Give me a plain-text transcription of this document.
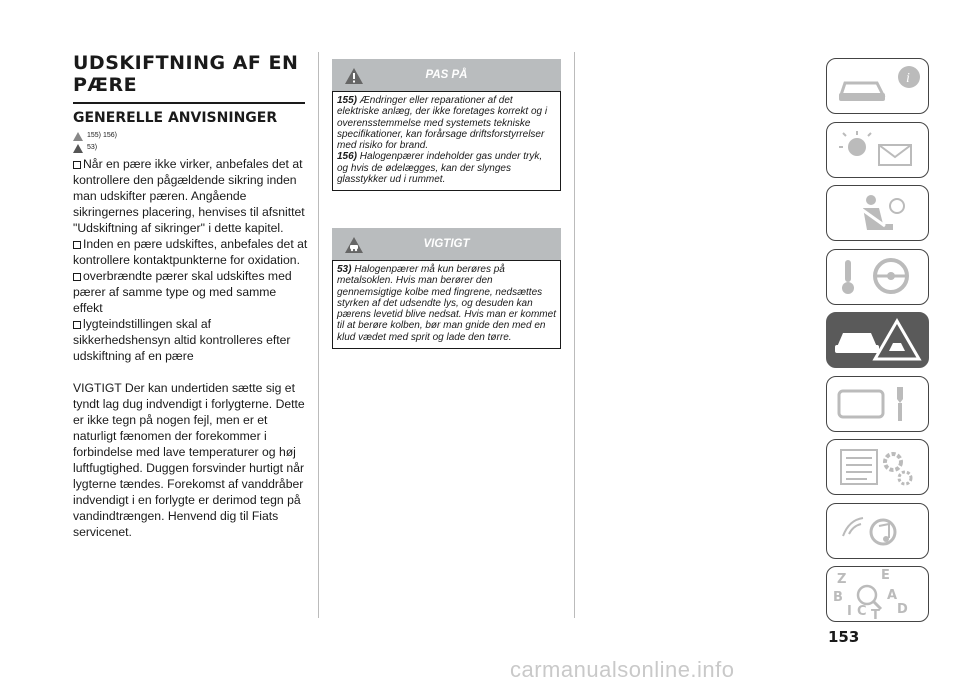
UDSKIFTNING AF EN PÆRE
GENERELLE ANVISNINGER
155) 156)
53)

Når en pære ikke virker, anbefales det at kontrollere den pågældende sikring inden man udskifter pæren. Angående sikringernes placering, henvises til afsnittet "Udskiftning af sikringer" i dette kapitel.

Inden en pære udskiftes, anbefales det at kontrollere kontaktpunkterne for oxidation.

overbrændte pærer skal udskiftes med pærer af samme type og med samme effekt

lygteindstillingen skal af sikkerhedshensyn altid kontrolleres efter udskiftning af en pære

VIGTIGT Der kan undertiden sætte sig et tyndt lag dug indvendigt i forlygterne. Dette er ikke tegn på nogen fejl, men er et naturligt fænomen der forekommer i forbindelse med lave temperaturer og høj luftfugtighed. Duggen forsvinder hurtigt når lygterne tændes. Forekomst af vanddråber indvendigt i en forlygte er derimod tegn på vandindtrængen. Henvend dig til Fiats servicenet.

PAS PÅ
155) Ændringer eller reparationer af det elektriske anlæg, der ikke foretages korrekt og i overensstemmelse med systemets tekniske specifikationer, kan forårsage driftsforstyrrelser med risiko for brand.
156) Halogenpærer indeholder gas under tryk, og hvis de ødelægges, kan der slynges glasstykker ud i rummet.
VIGTIGT
53) Halogenpærer må kun berøres på metalsoklen. Hvis man berører den gennemsigtige kolbe med fingrene, nedsættes styrken af det udsendte lys, og desuden kan pærens levetid blive nedsat. Hvis man er kommet til at berøre kolben, bør man gnide den med en klud vædet med sprit og lade den tørre.
i
Z	E
B	A
I C T D
153
carmanualsonline.info
